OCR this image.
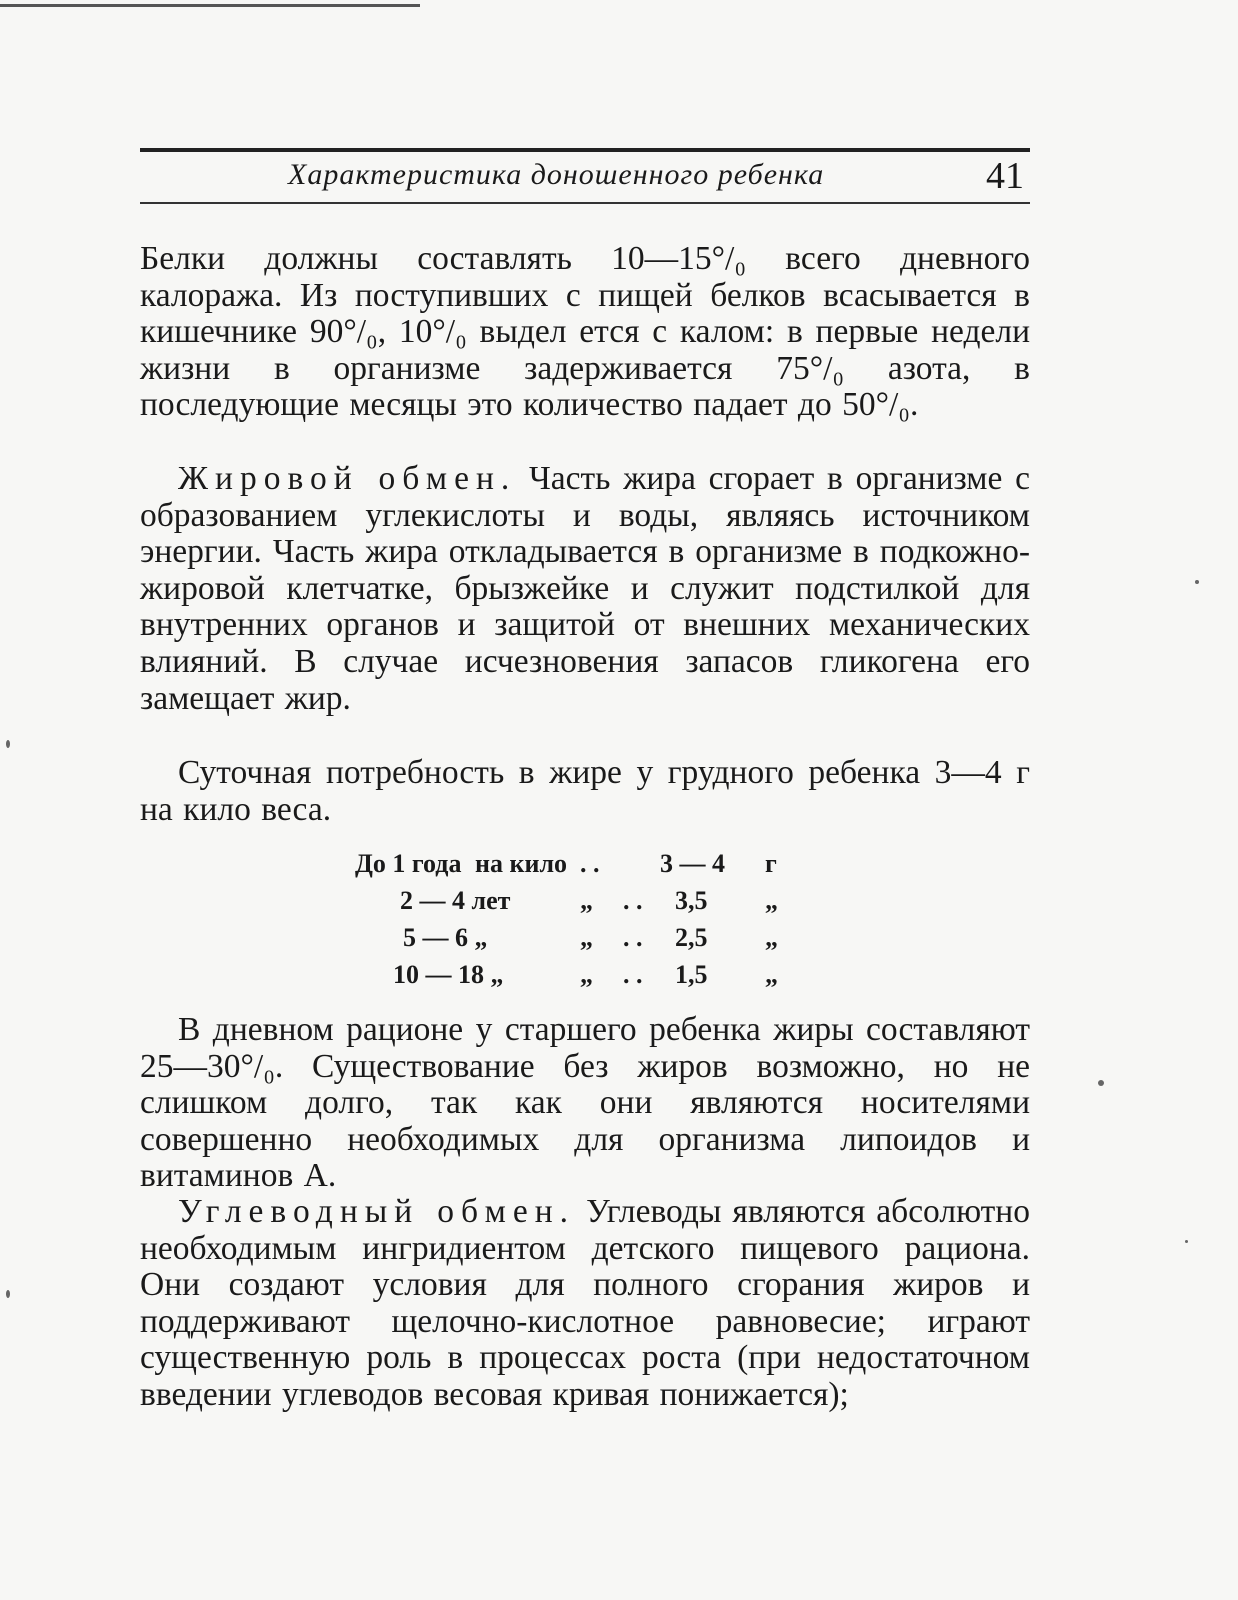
Характеристика доношенного ребенка	41
Белки должны составлять 10—15°/₀ всего дневного калоража. Из поступивших с пищей белков всасывается в кишечнике 90°/₀, 10°/₀ выдел ется с калом: в первые недели жизни в организме задерживается 75°/₀ азота, в последующие месяцы это количество падает до 50°/₀.
Жировой обмен. Часть жира сгорает в организме с образованием углекислоты и воды, являясь источником энергии. Часть жира откладывается в организме в подкожно-жировой клетчатке, брызжейке и служит подстилкой для внутренних органов и защитой от внешних механических влияний. В случае исчезновения запасов гликогена его замещает жир.
Суточная потребность в жире у грудного ребенка 3—4 г на кило веса.
До 1 года на кило . . 3 — 4 г
2 — 4 лет	„ . . 3,5 „
5 — 6 „	„ . . 2,5 „
10 — 18 „	„ . . 1,5 „
В дневном рационе у старшего ребенка жиры составляют 25—30°/₀. Существование без жиров возможно, но не слишком долго, так как они являются носителями совершенно необходимых для организма липоидов и витаминов А.
Углеводный обмен. Углеводы являются абсолютно необходимым ингридиентом детского пищевого рациона. Они создают условия для полного сгорания жиров и поддерживают щелочно-кислотное равновесие; играют существенную роль в процессах роста (при недостаточном введении углеводов весовая кривая понижается);
